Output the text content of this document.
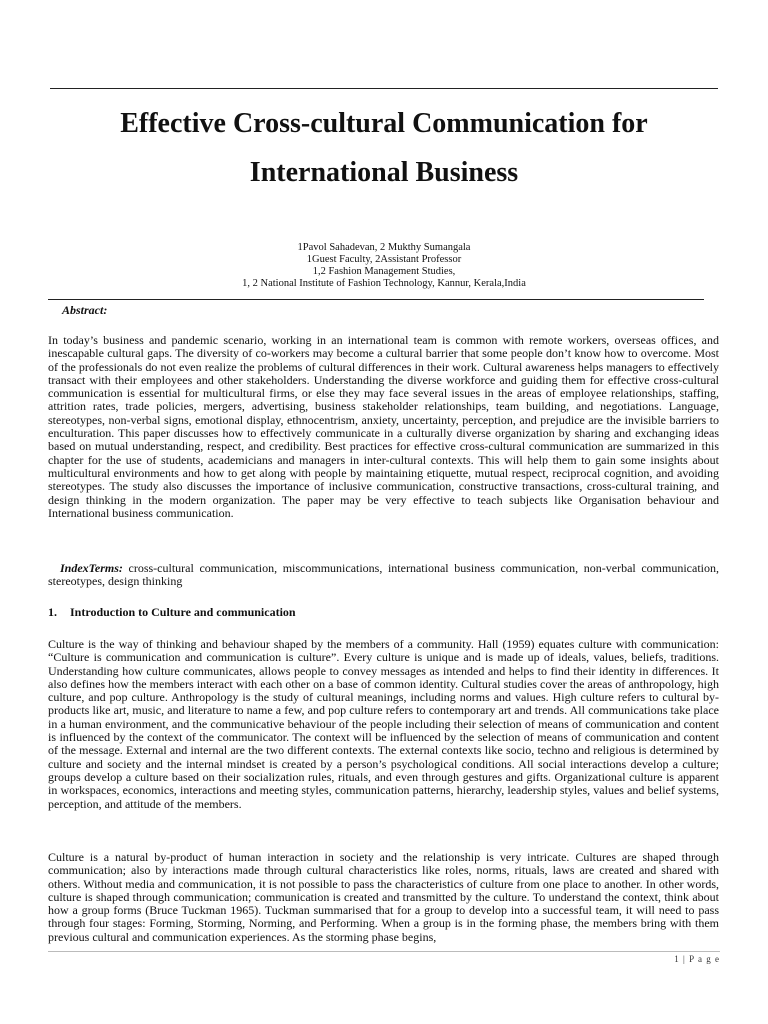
Effective Cross-cultural Communication for
International Business
1Pavol Sahadevan, 2 Mukthy Sumangala
1Guest Faculty, 2Assistant Professor
1,2 Fashion Management Studies,
1, 2 National Institute of Fashion Technology, Kannur, Kerala,India
Abstract:

In today’s business and pandemic scenario, working in an international team is common with remote workers, overseas offices, and inescapable cultural gaps. The diversity of co-workers may become a cultural barrier that some people don’t know how to overcome. Most of the professionals do not even realize the problems of cultural differences in their work. Cultural awareness helps managers to effectively transact with their employees and other stakeholders. Understanding the diverse workforce and guiding them for effective cross-cultural communication is essential for multicultural firms, or else they may face several issues in the areas of employee relationships, staffing, attrition rates, trade policies, mergers, advertising, business stakeholder relationships, team building, and negotiations. Language, stereotypes, non-verbal signs, emotional display, ethnocentrism, anxiety, uncertainty, perception, and prejudice are the invisible barriers to enculturation. This paper discusses how to effectively communicate in a culturally diverse organization by sharing and exchanging ideas based on mutual understanding, respect, and credibility. Best practices for effective cross-cultural communication are summarized in this chapter for the use of students, academicians and managers in inter-cultural contexts. This will help them to gain some insights about multicultural environments and how to get along with people by maintaining etiquette, mutual respect, reciprocal cognition, and avoiding stereotypes. The study also discusses the importance of inclusive communication, constructive transactions, cross-cultural training, and design thinking in the modern organization. The paper may be very effective to teach subjects like Organisation behaviour and International business communication.

IndexTerms: cross-cultural communication, miscommunications, international business communication, non-verbal communication, stereotypes, design thinking

1. Introduction to Culture and communication

Culture is the way of thinking and behaviour shaped by the members of a community. Hall (1959) equates culture with communication: “Culture is communication and communication is culture”. Every culture is unique and is made up of ideals, values, beliefs, traditions. Understanding how culture communicates, allows people to convey messages as intended and helps to find their identity in differences. It also defines how the members interact with each other on a base of common identity. Cultural studies cover the areas of anthropology, high culture, and pop culture. Anthropology is the study of cultural meanings, including norms and values. High culture refers to cultural by-products like art, music, and literature to name a few, and pop culture refers to contemporary art and trends. All communications take place in a human environment, and the communicative behaviour of the people including their selection of means of communication and content is influenced by the context of the communicator. The context will be influenced by the selection of means of communication and content of the message. External and internal are the two different contexts. The external contexts like socio, techno and religious is determined by culture and society and the internal mindset is created by a person’s psychological conditions. All social interactions develop a culture; groups develop a culture based on their socialization rules, rituals, and even through gestures and gifts. Organizational culture is apparent in workspaces, economics, interactions and meeting styles, communication patterns, hierarchy, leadership styles, values and belief systems, perception, and attitude of the members.

Culture is a natural by-product of human interaction in society and the relationship is very intricate. Cultures are shaped through communication; also by interactions made through cultural characteristics like roles, norms, rituals, laws are created and shared with others. Without media and communication, it is not possible to pass the characteristics of culture from one place to another. In other words, culture is shaped through communication; communication is created and transmitted by the culture. To understand the context, think about how a group forms (Bruce Tuckman 1965). Tuckman summarised that for a group to develop into a successful team, it will need to pass through four stages: Forming, Storming, Norming, and Performing. When a group is in the forming phase, the members bring with them previous cultural and communication experiences. As the storming phase begins,

1 | P a g e
